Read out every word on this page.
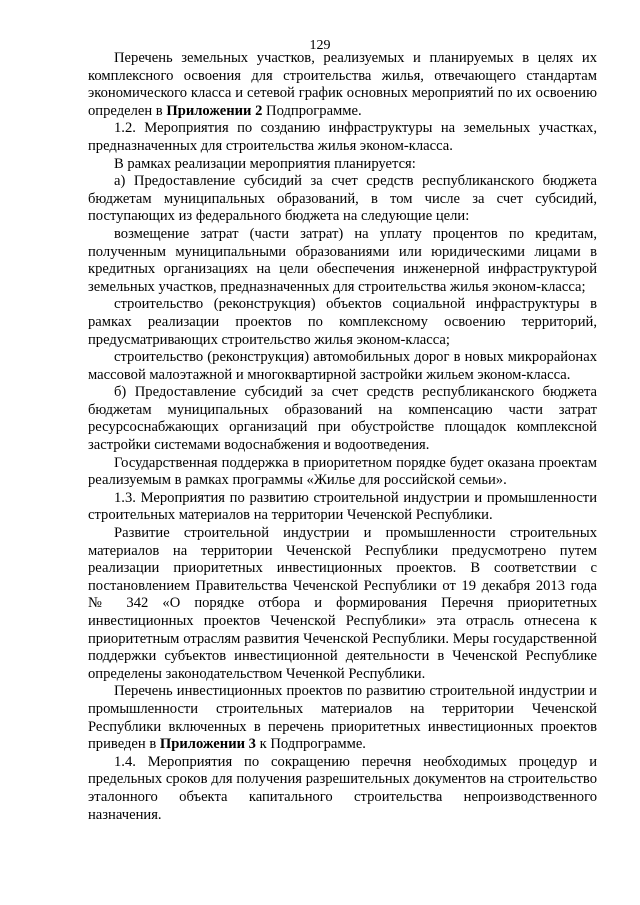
129

Перечень земельных участков, реализуемых и планируемых в целях их комплексного освоения для строительства жилья, отвечающего стандартам экономического класса и сетевой график основных мероприятий по их освоению определен в Приложении 2 Подпрограмме.

1.2. Мероприятия по созданию инфраструктуры на земельных участках, предназначенных для строительства жилья эконом-класса.

В рамках реализации мероприятия планируется:

а) Предоставление субсидий за счет средств республиканского бюджета бюджетам муниципальных образований, в том числе за счет субсидий, поступающих из федерального бюджета на следующие цели:

возмещение затрат (части затрат) на уплату процентов по кредитам, полученным муниципальными образованиями или юридическими лицами в кредитных организациях на цели обеспечения инженерной инфраструктурой земельных участков, предназначенных для строительства жилья эконом-класса;

строительство (реконструкция) объектов социальной инфраструктуры в рамках реализации проектов по комплексному освоению территорий, предусматривающих строительство жилья эконом-класса;

строительство (реконструкция) автомобильных дорог в новых микрорайонах массовой малоэтажной и многоквартирной застройки жильем эконом-класса.

б) Предоставление субсидий за счет средств республиканского бюджета бюджетам муниципальных образований на компенсацию части затрат ресурсоснабжающих организаций при обустройстве площадок комплексной застройки системами водоснабжения и водоотведения.

Государственная поддержка в приоритетном порядке будет оказана проектам реализуемым в рамках программы «Жилье для российской семьи».

1.3. Мероприятия по развитию строительной индустрии и промышленности строительных материалов на территории Чеченской Республики.

Развитие строительной индустрии и промышленности строительных материалов на территории Чеченской Республики предусмотрено путем реализации приоритетных инвестиционных проектов. В соответствии с постановлением Правительства Чеченской Республики от 19 декабря 2013 года № 342 «О порядке отбора и формирования Перечня приоритетных инвестиционных проектов Чеченской Республики» эта отрасль отнесена к приоритетным отраслям развития Чеченской Республики. Меры государственной поддержки субъектов инвестиционной деятельности в Чеченской Республике определены законодательством Чеченкой Республики.

Перечень инвестиционных проектов по развитию строительной индустрии и промышленности строительных материалов на территории Чеченской Республики включенных в перечень приоритетных инвестиционных проектов приведен в Приложении 3 к Подпрограмме.

1.4. Мероприятия по сокращению перечня необходимых процедур и предельных сроков для получения разрешительных документов на строительство эталонного объекта капитального строительства непроизводственного назначения.
